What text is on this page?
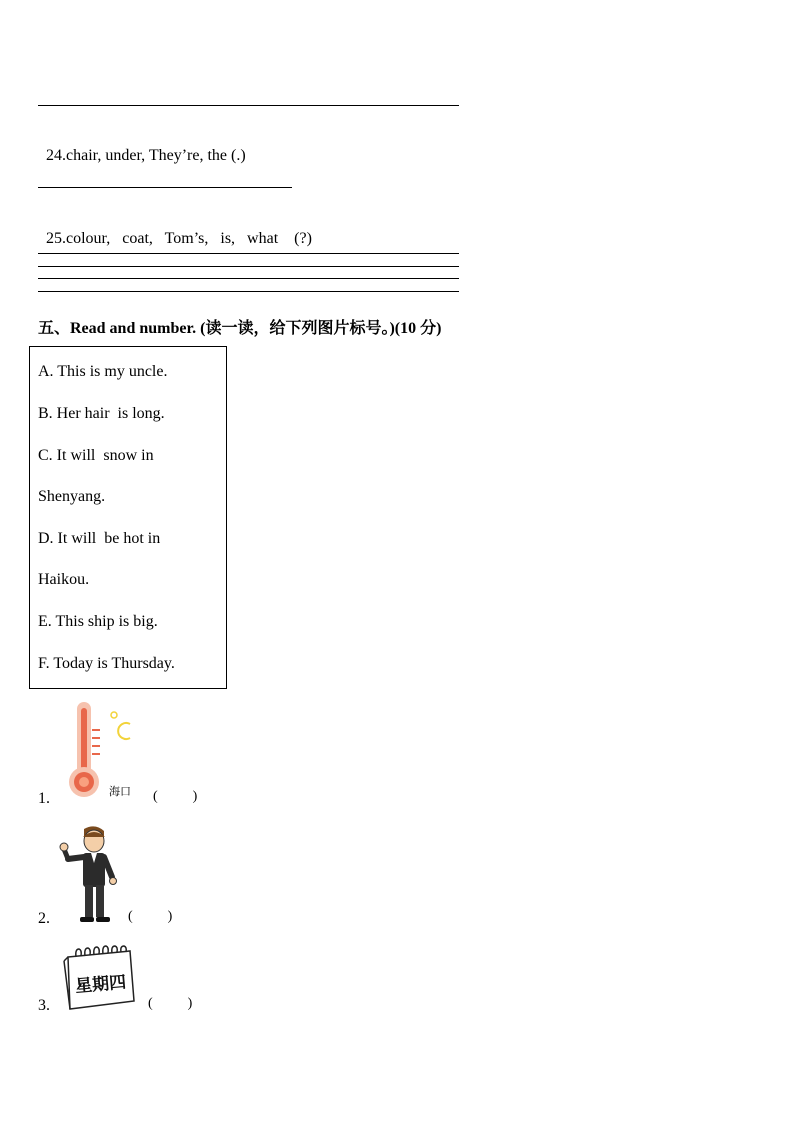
24.chair, under, They’re, the (.)

25.colour,   coat,   Tom’s,   is,   what    (?)

五、Read and number. (读一读，给下列图片标号。)(10 分)
A. This is my uncle.
B. Her hair  is long.
C. It will  snow in
Shenyang.
D. It will  be hot in
Haikou.
E. This ship is big.
F. Today is Thursday.
1.	海口 (          )
2.	(          )
3.
星期四
(          )
